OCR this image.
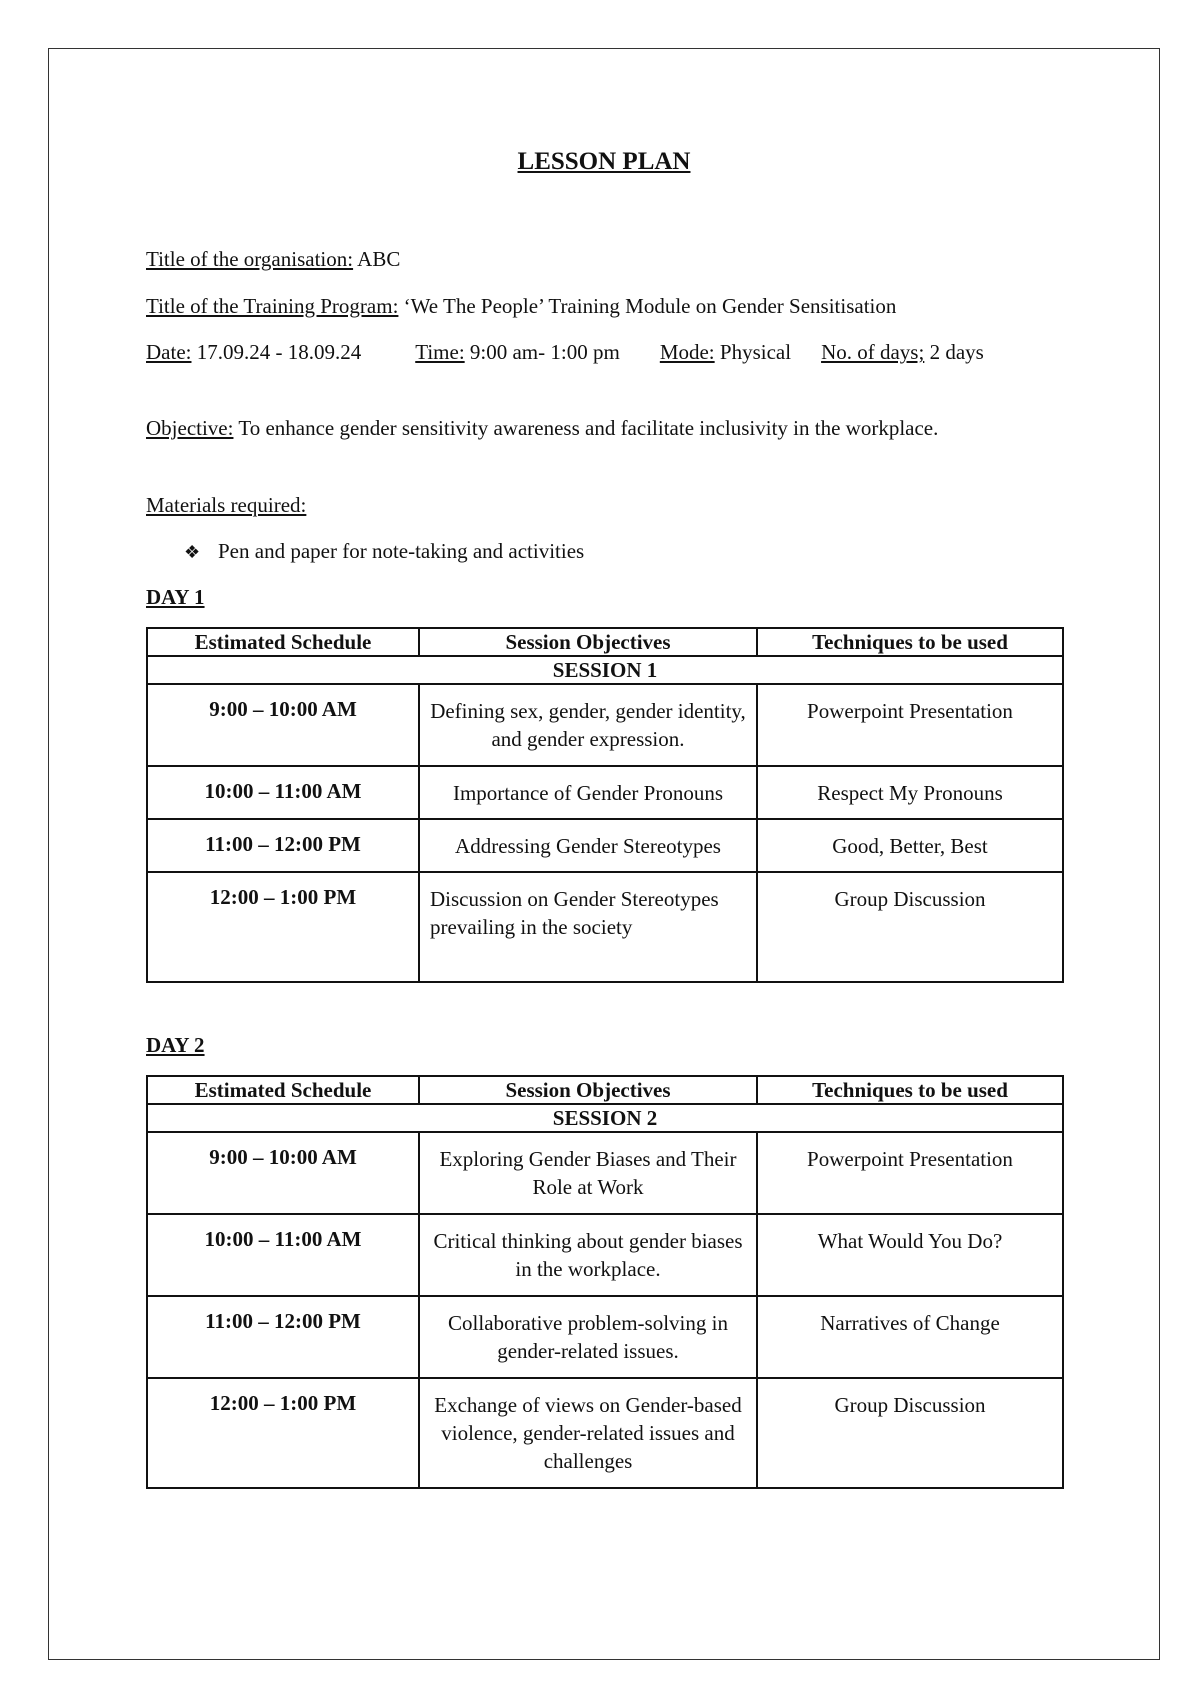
LESSON PLAN
Title of the organisation: ABC
Title of the Training Program: ‘We The People’ Training Module on Gender Sensitisation
Date: 17.09.24 - 18.09.24	Time: 9:00 am- 1:00 pm Mode: Physical No. of days; 2 days
Objective: To enhance gender sensitivity awareness and facilitate inclusivity in the workplace.
Materials required:
❖ Pen and paper for note-taking and activities
DAY 1
Estimated Schedule	Session Objectives	Techniques to be used
SESSION 1		
9:00 – 10:00 AM	Defining sex, gender, gender identity, and gender expression.	Powerpoint Presentation
10:00 – 11:00 AM	Importance of Gender Pronouns	Respect My Pronouns
11:00 – 12:00 PM	Addressing Gender Stereotypes	Good, Better, Best
12:00 – 1:00 PM	Discussion on Gender Stereotypes prevailing in the society	Group Discussion
DAY 2
Estimated Schedule	Session Objectives	Techniques to be used
SESSION 2		
9:00 – 10:00 AM	Exploring Gender Biases and Their Role at Work	Powerpoint Presentation
10:00 – 11:00 AM	Critical thinking about gender biases in the workplace.	What Would You Do?
11:00 – 12:00 PM	Collaborative problem-solving in gender-related issues.	Narratives of Change
12:00 – 1:00 PM	Exchange of views on Gender-based violence, gender-related issues and challenges	Group Discussion
